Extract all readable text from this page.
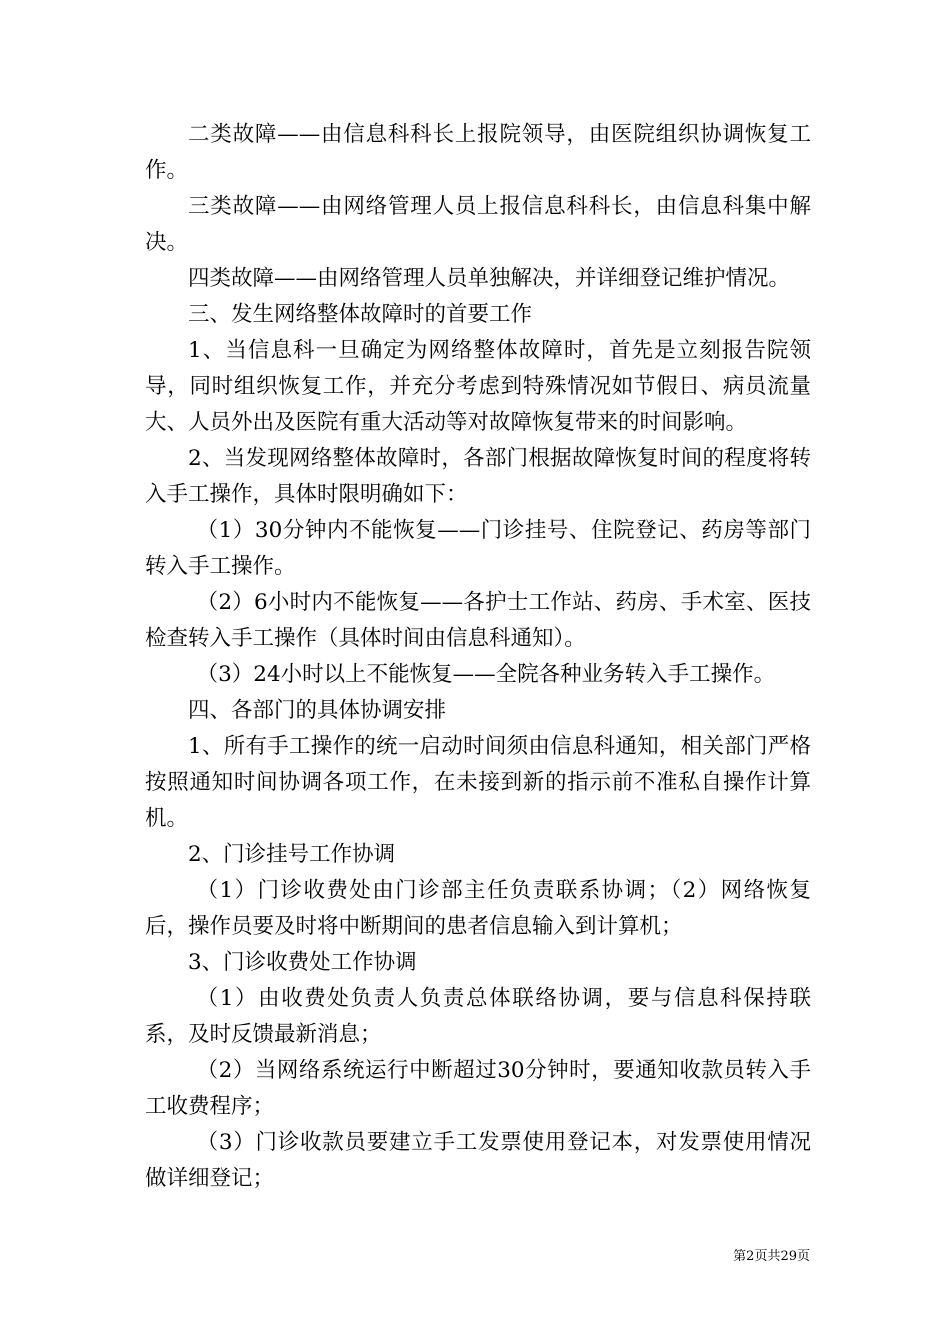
二类故障——由信息科科长上报院领导，由医院组织协调恢复工作。

三类故障——由网络管理人员上报信息科科长，由信息科集中解决。

四类故障——由网络管理人员单独解决，并详细登记维护情况。

三、发生网络整体故障时的首要工作

1、当信息科一旦确定为网络整体故障时，首先是立刻报告院领导，同时组织恢复工作，并充分考虑到特殊情况如节假日、病员流量大、人员外出及医院有重大活动等对故障恢复带来的时间影响。

2、当发现网络整体故障时，各部门根据故障恢复时间的程度将转入手工操作，具体时限明确如下：

（1）30分钟内不能恢复——门诊挂号、住院登记、药房等部门转入手工操作。

（2）6小时内不能恢复——各护士工作站、药房、手术室、医技检查转入手工操作（具体时间由信息科通知）。

（3）24小时以上不能恢复——全院各种业务转入手工操作。

四、各部门的具体协调安排

1、所有手工操作的统一启动时间须由信息科通知，相关部门严格按照通知时间协调各项工作，在未接到新的指示前不准私自操作计算机。

2、门诊挂号工作协调

（1）门诊收费处由门诊部主任负责联系协调；（2）网络恢复后，操作员要及时将中断期间的患者信息输入到计算机；

3、门诊收费处工作协调

（1）由收费处负责人负责总体联络协调，要与信息科保持联系，及时反馈最新消息；

（2）当网络系统运行中断超过30分钟时，要通知收款员转入手工收费程序；

（3）门诊收款员要建立手工发票使用登记本，对发票使用情况做详细登记；

第2页共29页
